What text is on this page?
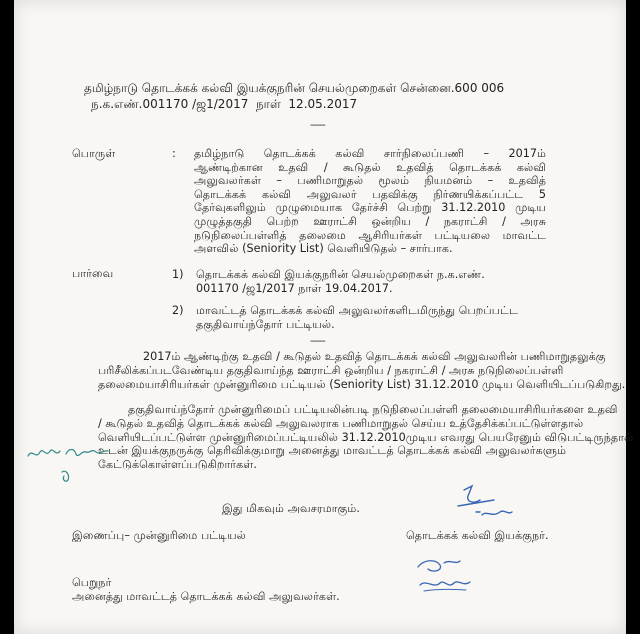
தமிழ்நாடு தொடக்கக் கல்வி இயக்குநரின் செயல்முறைகள் சென்னை.600 006
ந.க.எண்.001170 /ஜ1/2017 நாள் 12.05.2017
-----
பொருள்	: தமிழ்நாடு தொடக்கக் கல்வி சார்நிலைப்பணி – 2017ம்
ஆண்டிற்கான உதவி / கூடுதல் உதவித் தொடக்கக் கல்வி
அலுவலர்கள் – பணிமாறுதல் மூலம் நியமனம் – உதவித்
தொடக்கக் கல்வி அலுவலர் பதவிக்கு நிர்ணயிக்கப்பட்ட 5
தேர்வுகளிலும் முழுமையாக தேர்ச்சி பெற்று 31.12.2010 முடிய
முழுத்தகுதி பெற்ற ஊராட்சி ஒன்றிய / நகராட்சி / அரசு
நடுநிலைப்பள்ளித் தலைமை ஆசிரியர்கள் பட்டியலை மாவட்ட
அளவில் (Seniority List) வெளியிடுதல் – சார்பாக.
பார்வை	1) தொடக்கக் கல்வி இயக்குநரின் செயல்முறைகள் ந.க.எண்.
001170 /ஜ1/2017 நாள் 19.04.2017.
2) மாவட்டத் தொடக்கக் கல்வி அலுவலர்களிடமிருந்து பெறப்பட்ட
தகுதிவாய்ந்தோர் பட்டியல்.
-----
2017ம் ஆண்டிற்கு உதவி / கூடுதல் உதவித் தொடக்கக் கல்வி அலுவலரின் பணிமாறுதலுக்கு
பரிசீலிக்கப்படவேண்டிய தகுதிவாய்ந்த ஊராட்சி ஒன்றிய / நகராட்சி / அரசு நடுநிலைப்பள்ளி
தலைமையாசிரியர்கள் முன்னுரிமை பட்டியல் (Seniority List) 31.12.2010 முடிய வெளியிடப்படுகிறது.
தகுதிவாய்ந்தோர் முன்னுரிமைப் பட்டியலின்படி நடுநிலைப்பள்ளி தலைமையாசிரியர்களை உதவி
/ கூடுதல் உதவித் தொடக்கக் கல்வி அலுவலராக பணிமாறுதல் செய்ய உத்தேசிக்கப்பட்டுள்ளதால்
வெளியிடப்பட்டுள்ள முன்னுரிமைப்பட்டியலில் 31.12.2010முடிய எவரது பெயரேனும் விடுபட்டிருந்தால்
உடன் இயக்குநருக்கு தெரிவிக்குமாறு அனைத்து மாவட்டத் தொடக்கக் கல்வி அலுவலர்களும்
கேட்டுக்கொள்ளப்படுகிறார்கள்.
இது மிகவும் அவசரமாகும்.
இணைப்பு– முன்னுரிமை பட்டியல்	தொடக்கக் கல்வி இயக்குநர்.
பெறுநர்
அனைத்து மாவட்டத் தொடக்கக் கல்வி அலுவலர்கள்.
